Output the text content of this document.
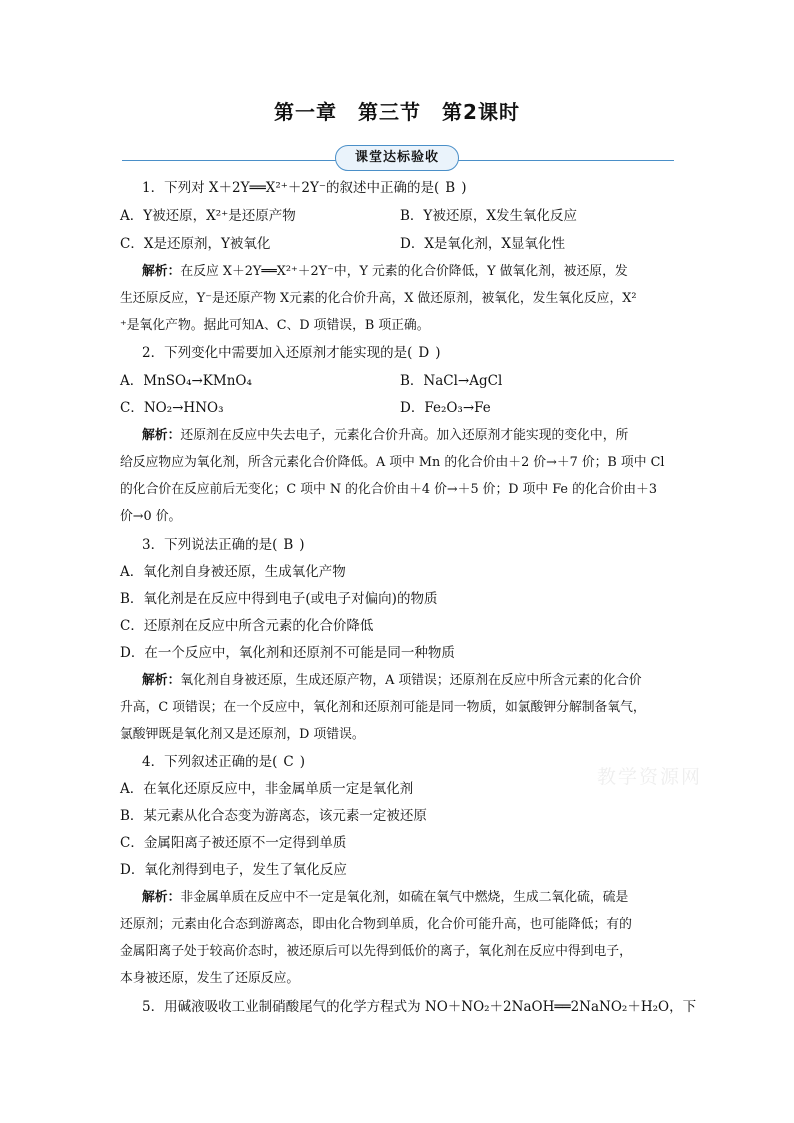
第一章　第三节　第2课时
课堂达标验收
教学资源网
1．下列对 X＋2Y══X²⁺＋2Y⁻的叙述中正确的是( B )
A．Y被还原，X²⁺是还原产物	B．Y被还原，X发生氧化反应
C．X是还原剂，Y被氧化	D．X是氧化剂，X显氧化性
解析：在反应 X＋2Y══X²⁺＋2Y⁻中，Y 元素的化合价降低，Y 做氧化剂，被还原，发
生还原反应，Y⁻是还原产物 X元素的化合价升高，X 做还原剂，被氧化，发生氧化反应，X²
⁺是氧化产物。据此可知A、C、D 项错误，B 项正确。
2．下列变化中需要加入还原剂才能实现的是( D )
A．MnSO₄→KMnO₄	B．NaCl→AgCl
C．NO₂→HNO₃	D．Fe₂O₃→Fe
解析：还原剂在反应中失去电子，元素化合价升高。加入还原剂才能实现的变化中，所
给反应物应为氧化剂，所含元素化合价降低。A 项中 Mn 的化合价由＋2 价→＋7 价；B 项中 Cl
的化合价在反应前后无变化；C 项中 N 的化合价由＋4 价→＋5 价；D 项中 Fe 的化合价由＋3
价→0 价。
3．下列说法正确的是( B )
A．氧化剂自身被还原，生成氧化产物
B．氧化剂是在反应中得到电子(或电子对偏向)的物质
C．还原剂在反应中所含元素的化合价降低
D．在一个反应中，氧化剂和还原剂不可能是同一种物质
解析：氧化剂自身被还原，生成还原产物，A 项错误；还原剂在反应中所含元素的化合价
升高，C 项错误；在一个反应中，氧化剂和还原剂可能是同一物质，如氯酸钾分解制备氧气，
氯酸钾既是氧化剂又是还原剂，D 项错误。
4．下列叙述正确的是( C )
A．在氧化还原反应中，非金属单质一定是氧化剂
B．某元素从化合态变为游离态，该元素一定被还原
C．金属阳离子被还原不一定得到单质
D．氧化剂得到电子，发生了氧化反应
解析：非金属单质在反应中不一定是氧化剂，如硫在氧气中燃烧，生成二氧化硫，硫是
还原剂；元素由化合态到游离态，即由化合物到单质，化合价可能升高，也可能降低；有的
金属阳离子处于较高价态时，被还原后可以先得到低价的离子，氧化剂在反应中得到电子，
本身被还原，发生了还原反应。
5．用碱液吸收工业制硝酸尾气的化学方程式为 NO＋NO₂＋2NaOH══2NaNO₂＋H₂O，下
